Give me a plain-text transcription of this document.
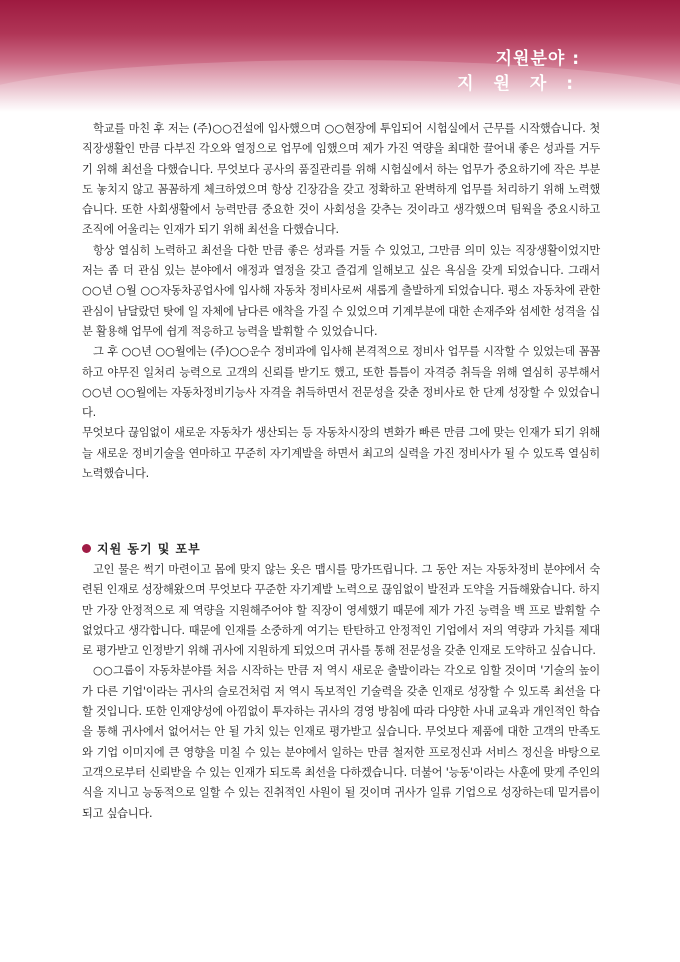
지원분야 :
지 원 자 :

학교를 마친 후 저는 (주)○○건설에 입사했으며 ○○현장에 투입되어 시험실에서 근무를 시작했습니다. 첫 직장생활인 만큼 다부진 각오와 열정으로 업무에 임했으며 제가 가진 역량을 최대한 끌어내 좋은 성과를 거두기 위해 최선을 다했습니다. 무엇보다 공사의 품질관리를 위해 시험실에서 하는 업무가 중요하기에 작은 부분도 놓치지 않고 꼼꼼하게 체크하였으며 항상 긴장감을 갖고 정확하고 완벽하게 업무를 처리하기 위해 노력했습니다. 또한 사회생활에서 능력만큼 중요한 것이 사회성을 갖추는 것이라고 생각했으며 팀웍을 중요시하고 조직에 어울리는 인재가 되기 위해 최선을 다했습니다.

항상 열심히 노력하고 최선을 다한 만큼 좋은 성과를 거둘 수 있었고, 그만큼 의미 있는 직장생활이었지만 저는 좀 더 관심 있는 분야에서 애정과 열정을 갖고 즐겁게 일해보고 싶은 욕심을 갖게 되었습니다. 그래서 ○○년 ○월 ○○자동차공업사에 입사해 자동차 정비사로써 새롭게 출발하게 되었습니다. 평소 자동차에 관한 관심이 남달랐던 탓에 일 자체에 남다른 애착을 가질 수 있었으며 기계부분에 대한 손재주와 섬세한 성격을 십분 활용해 업무에 쉽게 적응하고 능력을 발휘할 수 있었습니다.

그 후 ○○년 ○○월에는 (주)○○운수 정비과에 입사해 본격적으로 정비사 업무를 시작할 수 있었는데 꼼꼼하고 야무진 일처리 능력으로 고객의 신뢰를 받기도 했고, 또한 틈틈이 자격증 취득을 위해 열심히 공부해서 ○○년 ○○월에는 자동차정비기능사 자격을 취득하면서 전문성을 갖춘 정비사로 한 단계 성장할 수 있었습니다.

무엇보다 끊임없이 새로운 자동차가 생산되는 등 자동차시장의 변화가 빠른 만큼 그에 맞는 인재가 되기 위해 늘 새로운 정비기술을 연마하고 꾸준히 자기계발을 하면서 최고의 실력을 가진 정비사가 될 수 있도록 열심히 노력했습니다.

지원 동기 및 포부

고인 물은 썩기 마련이고 몸에 맞지 않는 옷은 맵시를 망가뜨립니다. 그 동안 저는 자동차정비 분야에서 숙련된 인재로 성장해왔으며 무엇보다 꾸준한 자기계발 노력으로 끊임없이 발전과 도약을 거듭해왔습니다. 하지만 가장 안정적으로 제 역량을 지원해주어야 할 직장이 영세했기 때문에 제가 가진 능력을 백 프로 발휘할 수 없었다고 생각합니다. 때문에 인재를 소중하게 여기는 탄탄하고 안정적인 기업에서 저의 역량과 가치를 제대로 평가받고 인정받기 위해 귀사에 지원하게 되었으며 귀사를 통해 전문성을 갖춘 인재로 도약하고 싶습니다.

○○그룹이 자동차분야를 처음 시작하는 만큼 저 역시 새로운 출발이라는 각오로 임할 것이며 '기술의 높이가 다른 기업'이라는 귀사의 슬로건처럼 저 역시 독보적인 기술력을 갖춘 인재로 성장할 수 있도록 최선을 다할 것입니다. 또한 인재양성에 아낌없이 투자하는 귀사의 경영 방침에 따라 다양한 사내 교육과 개인적인 학습을 통해 귀사에서 없어서는 안 될 가치 있는 인재로 평가받고 싶습니다. 무엇보다 제품에 대한 고객의 만족도와 기업 이미지에 큰 영향을 미칠 수 있는 분야에서 일하는 만큼 철저한 프로정신과 서비스 정신을 바탕으로 고객으로부터 신뢰받을 수 있는 인재가 되도록 최선을 다하겠습니다. 더불어 '능동'이라는 사훈에 맞게 주인의식을 지니고 능동적으로 일할 수 있는 진취적인 사원이 될 것이며 귀사가 일류 기업으로 성장하는데 밑거름이 되고 싶습니다.
